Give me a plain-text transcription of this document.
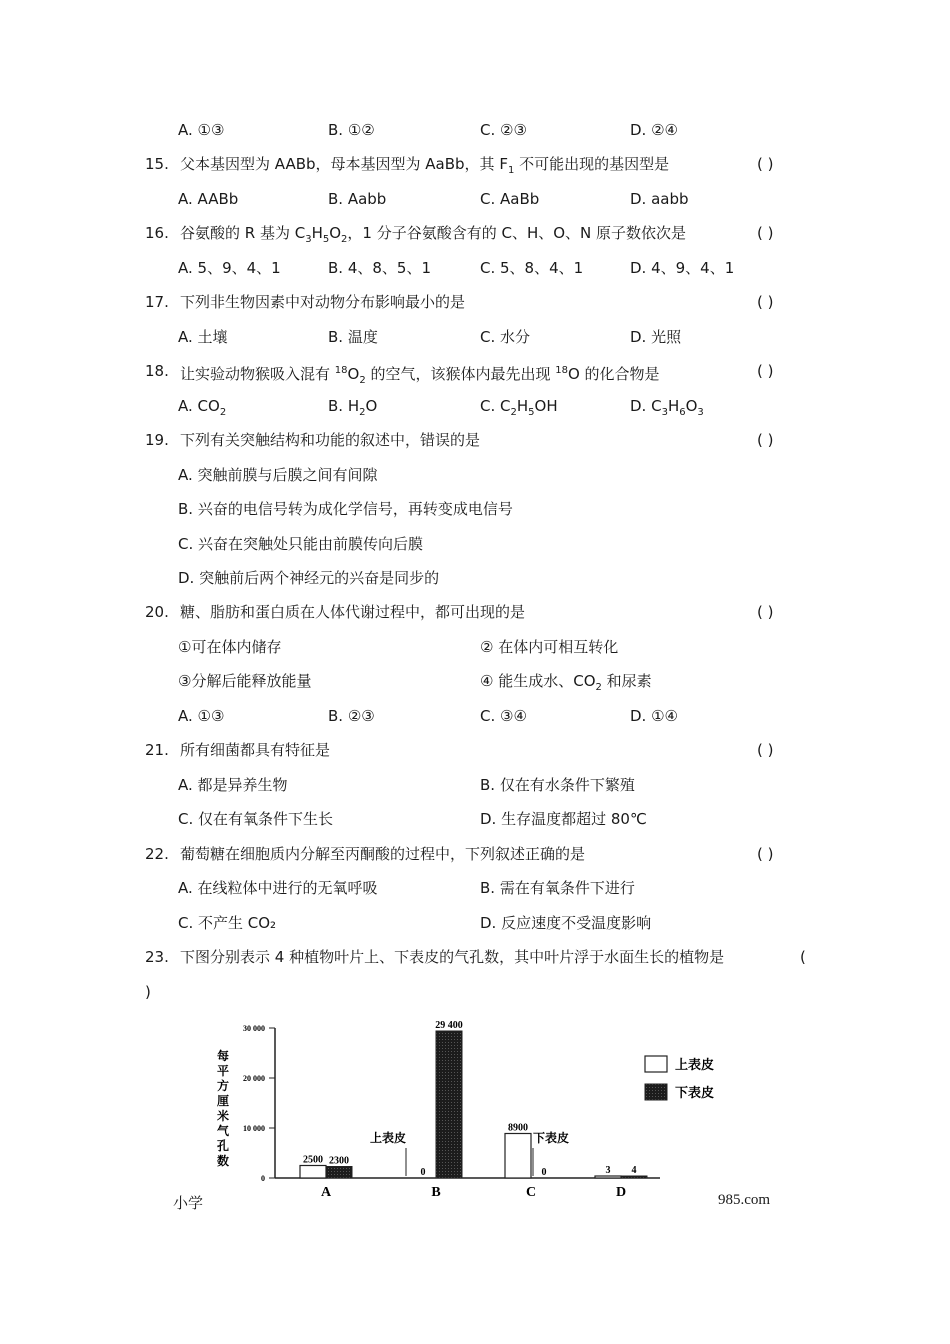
A. ①③	B. ①②	C. ②③	D. ②④
15. 父本基因型为 AABb，母本基因型为 AaBb，其 $F_1$ 不可能出现的基因型是	( )
A. AABb	B. Aabb	C. AaBb	D. aabb
16. 谷氨酸的 R 基为 $C_3H_5O_2$，1 分子谷氨酸含有的 C、H、O、N 原子数依次是	( )
A. 5、9、4、1	B. 4、8、5、1	C. 5、8、4、1	D. 4、9、4、1
17. 下列非生物因素中对动物分布影响最小的是	( )
A. 土壤	B. 温度	C. 水分	D. 光照
18. 让实验动物猴吸入混有 $^{18}O_2$ 的空气，该猴体内最先出现 $^{18}$O 的化合物是	( )
A. $CO_2$	B. $H_2O$	C. $C_2H_5OH$	D. $C_3H_6O_3$
19. 下列有关突触结构和功能的叙述中，错误的是	( )
A. 突触前膜与后膜之间有间隙
B. 兴奋的电信号转为成化学信号，再转变成电信号
C. 兴奋在突触处只能由前膜传向后膜
D. 突触前后两个神经元的兴奋是同步的
20. 糖、脂肪和蛋白质在人体代谢过程中，都可出现的是	( )
①可在体内储存	② 在体内可相互转化
③分解后能释放能量	④ 能生成水、$CO_2$ 和尿素
A. ①③	B. ②③	C. ③④	D. ①④
21. 所有细菌都具有特征是	( )
A. 都是异养生物	B. 仅在有水条件下繁殖
C. 仅在有氧条件下生长	D. 生存温度都超过 80℃
22. 葡萄糖在细胞质内分解至丙酮酸的过程中，下列叙述正确的是	( )
A. 在线粒体中进行的无氧呼吸	B. 需在有氧条件下进行
C. 不产生 CO₂	D. 反应速度不受温度影响
23. 下图分别表示 4 种植物叶片上、下表皮的气孔数，其中叶片浮于水面生长的植物是	(
)
每
平
方
厘
米
气
孔
数
0
10 000
20 000
30 000
2500 2300
A
0
29 400
B
8900
0
C
3 4
D
上表皮	下表皮
上表皮
下表皮
小学	985.com
